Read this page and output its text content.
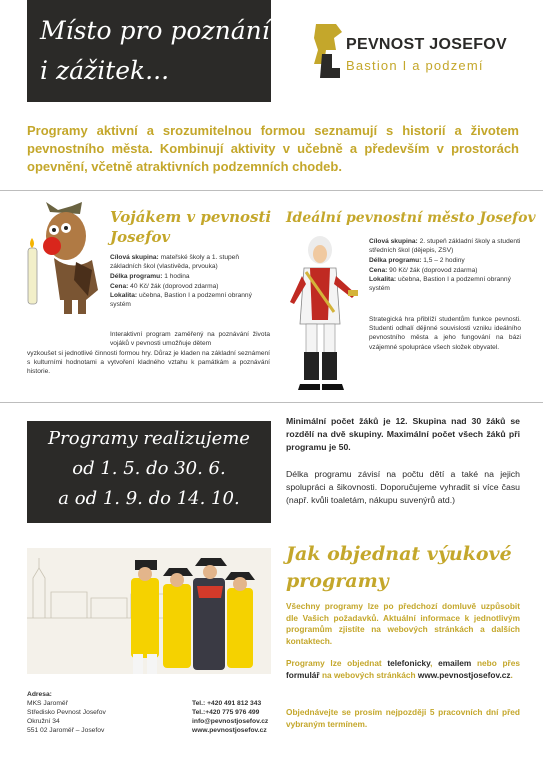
Místo pro poznání
i zážitek...
PEVNOST JOSEFOV
Bastion I a podzemí
Programy aktivní a srozumitelnou formou seznamují s historií a životem pevnostního města. Kombinují aktivity v učebně a především v prostorách opevnění, včetně atraktivních podzemních chodeb.
Vojákem v pevnosti
Josefov
Cílová skupina: mateřské školy a 1. stupeň základních škol (vlastivěda, prvouka)
Délka programu: 1 hodina
Cena: 40 Kč/ žák (doprovod zdarma)
Lokalita: učebna, Bastion I a podzemní obranný systém
Interaktivní program zaměřený na poznávání života vojáků v pevnosti umožňuje dětem
vyzkoušet si jednotlivé činnosti formou hry. Důraz je kladen na základní seznámení s kulturními hodnotami a vytvoření kladného vztahu k památkám a poznávání historie.
Ideální pevnostní město Josefov
Cílová skupina: 2. stupeň základní školy a studenti středních škol (dějepis, ZSV)
Délka programu: 1,5 – 2 hodiny
Cena: 90 Kč/ žák (doprovod zdarma)
Lokalita: učebna, Bastion I a podzemní obranný systém
Strategická hra přiblíží studentům funkce pevnosti. Studenti odhalí dějinné souvislosti vzniku ideálního pevnostního města a jeho fungování na bázi vzájemné spolupráce všech složek obyvatel.
Programy realizujeme
od 1. 5. do 30. 6.
a od 1. 9. do 14. 10.
Minimální počet žáků je 12. Skupina nad 30 žáků se rozdělí na dvě skupiny. Maximální počet všech žáků při programu je 50.
Délka programu závisí na počtu dětí a také na jejich spolupráci a šikovnosti. Doporučujeme vyhradit si více času (např. kvůli toaletám, nákupu suvenýrů atd.)
Jak objednat výukové
programy
Všechny programy lze po předchozí domluvě uzpůsobit dle Vašich požadavků. Aktuální informace k jednotlivým programům zjistíte na webových stránkách a dalších kontaktech.
Programy lze objednat telefonicky, emailem nebo přes formulář na webových stránkách www.pevnostjosefov.cz.
Objednávejte se prosím nejpozději 5 pracovních dní před vybraným termínem.
Adresa:
MKS Jaroměř
Středisko Pevnost Josefov
Okružní 34
551 02 Jaroměř – Josefov
Tel.: +420 491 812 343
Tel.:+420 775 976 499
info@pevnostjosefov.cz
www.pevnostjosefov.cz
